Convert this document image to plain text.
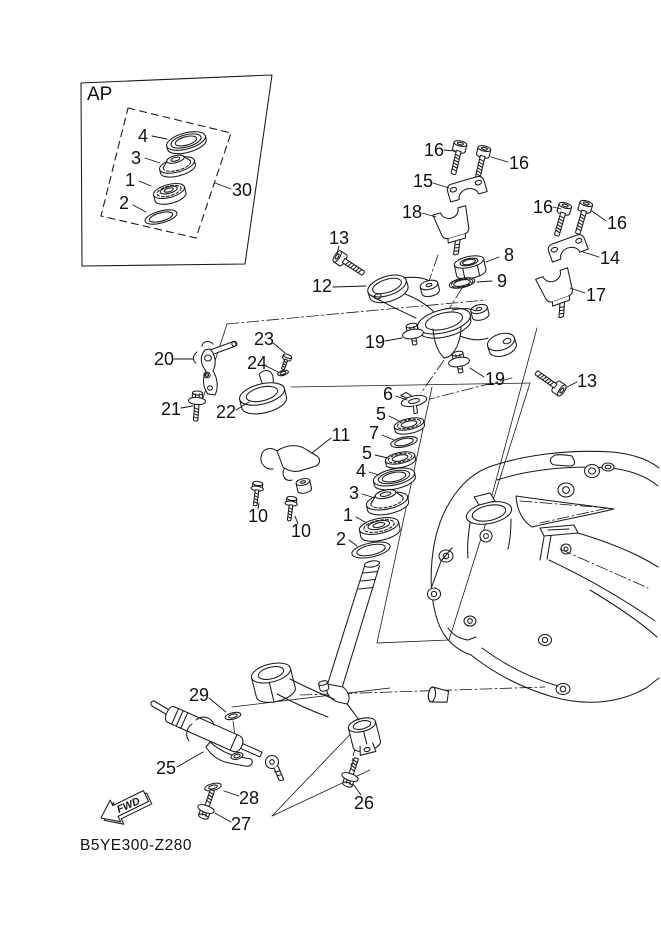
AP
FWD
B5YE300-Z280
4
3
1
2
30
16
16
15
18	16
16
14
17
8
9
13
12
19
19	13
20
21
23
24
22
11
10
10
6
5
7
5
4
3
1
2
29
25
28
27
26
